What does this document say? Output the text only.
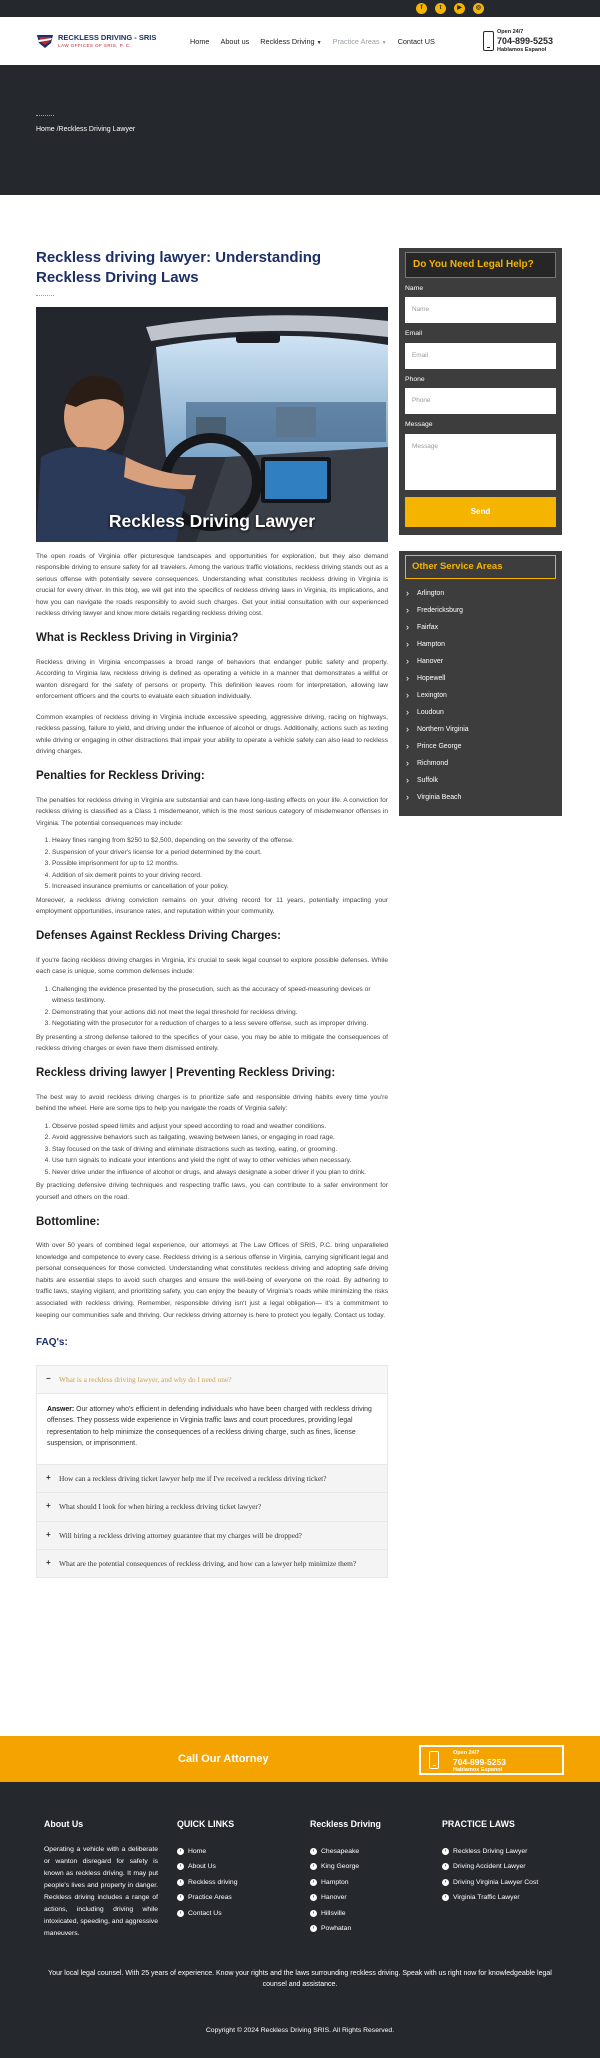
f	t	▶	◎
RECKLESS DRIVING - SRIS
LAW OFFICES OF SRIS, P. C.	Home About us Reckless Driving ▼ Practice Areas ▼ Contact US
Open 24/7
704-899-5253
Hablamos Espanol
Home /Reckless Driving Lawyer
Reckless driving lawyer: Understanding Reckless Driving Laws
Reckless Driving Lawyer

The open roads of Virginia offer picturesque landscapes and opportunities for exploration, but they also demand responsible driving to ensure safety for all travelers. Among the various traffic violations, reckless driving stands out as a serious offense with potentially severe consequences. Understanding what constitutes reckless driving in Virginia is crucial for every driver. In this blog, we will get into the specifics of reckless driving laws in Virginia, its implications, and how you can navigate the roads responsibly to avoid such charges. Get your initial consultation with our experienced reckless driving lawyer and know more details regarding reckless driving cost.

What is Reckless Driving in Virginia?

Reckless driving in Virginia encompasses a broad range of behaviors that endanger public safety and property. According to Virginia law, reckless driving is defined as operating a vehicle in a manner that demonstrates a willful or wanton disregard for the safety of persons or property. This definition leaves room for interpretation, allowing law enforcement officers and the courts to evaluate each situation individually.

Common examples of reckless driving in Virginia include excessive speeding, aggressive driving, racing on highways, reckless passing, failure to yield, and driving under the influence of alcohol or drugs. Additionally, actions such as texting while driving or engaging in other distractions that impair your ability to operate a vehicle safely can also lead to reckless driving charges.

Penalties for Reckless Driving:

The penalties for reckless driving in Virginia are substantial and can have long-lasting effects on your life. A conviction for reckless driving is classified as a Class 1 misdemeanor, which is the most serious category of misdemeanor offenses in Virginia. The potential consequences may include:

1. Heavy fines ranging from $250 to $2,500, depending on the severity of the offense.
2. Suspension of your driver's license for a period determined by the court.
3. Possible imprisonment for up to 12 months.
4. Addition of six demerit points to your driving record.
5. Increased insurance premiums or cancellation of your policy.

Moreover, a reckless driving conviction remains on your driving record for 11 years, potentially impacting your employment opportunities, insurance rates, and reputation within your community.

Defenses Against Reckless Driving Charges:

If you're facing reckless driving charges in Virginia, it's crucial to seek legal counsel to explore possible defenses. While each case is unique, some common defenses include:

1. Challenging the evidence presented by the prosecution, such as the accuracy of speed-measuring devices or witness testimony.
2. Demonstrating that your actions did not meet the legal threshold for reckless driving.
3. Negotiating with the prosecutor for a reduction of charges to a less severe offense, such as improper driving.

By presenting a strong defense tailored to the specifics of your case, you may be able to mitigate the consequences of reckless driving charges or even have them dismissed entirely.

Reckless driving lawyer | Preventing Reckless Driving:

The best way to avoid reckless driving charges is to prioritize safe and responsible driving habits every time you're behind the wheel. Here are some tips to help you navigate the roads of Virginia safely:

1. Observe posted speed limits and adjust your speed according to road and weather conditions.
2. Avoid aggressive behaviors such as tailgating, weaving between lanes, or engaging in road rage.
3. Stay focused on the task of driving and eliminate distractions such as texting, eating, or grooming.
4. Use turn signals to indicate your intentions and yield the right of way to other vehicles when necessary.
5. Never drive under the influence of alcohol or drugs, and always designate a sober driver if you plan to drink.

By practicing defensive driving techniques and respecting traffic laws, you can contribute to a safer environment for yourself and others on the road.

Bottomline:

With over 50 years of combined legal experience, our attorneys at The Law Offices of SRIS, P.C. bring unparalleled knowledge and competence to every case. Reckless driving is a serious offense in Virginia, carrying significant legal and personal consequences for those convicted. Understanding what constitutes reckless driving and adopting safe driving habits are essential steps to avoid such charges and ensure the well-being of everyone on the road. By adhering to traffic laws, staying vigilant, and prioritizing safety, you can enjoy the beauty of Virginia's roads while minimizing the risks associated with reckless driving. Remember, responsible driving isn't just a legal obligation— it's a commitment to keeping our communities safe and thriving. Our reckless driving attorney is here to protect you legally. Contact us today.

FAQ's:
− What is a reckless driving lawyer, and why do I need one?
Answer: Our attorney who's efficient in defending individuals who have been charged with reckless driving offenses. They possess wide experience in Virginia traffic laws and court procedures, providing legal representation to help minimize the consequences of a reckless driving charge, such as fines, license suspension, or imprisonment.
+ How can a reckless driving ticket lawyer help me if I've received a reckless driving ticket?
+ What should I look for when hiring a reckless driving ticket lawyer?
+ Will hiring a reckless driving attorney guarantee that my charges will be dropped?
+ What are the potential consequences of reckless driving, and how can a lawyer help minimize them?
Do You Need Legal Help?
Name
Name
Email
Email
Phone
Phone
Message
Message
Send
Other Service Areas
› Arlington
› Fredericksburg
› Fairfax
› Hampton
› Hanover
› Hopewell
› Lexington
› Loudoun
› Northern Virginia
› Prince George
› Richmond
› Suffolk
› Virginia Beach
Call Our Attorney	Open 24/7
704-899-5253
Hablamos Espanol
About Us

Operating a vehicle with a deliberate or wanton disregard for safety is known as reckless driving. It may put people's lives and property in danger. Reckless driving includes a range of actions, including driving while intoxicated, speeding, and aggressive maneuvers.

QUICK LINKS
› Home
› About Us
› Reckless driving
› Practice Areas
› Contact Us
Reckless Driving
› Chesapeake
› King George
› Hampton
› Hanover
› Hillsville
› Powhatan
PRACTICE LAWS
› Reckless Driving Lawyer
› Driving Accident Lawyer
› Driving Virginia Lawyer Cost
› Virginia Traffic Lawyer
Your local legal counsel. With 25 years of experience. Know your rights and the laws surrounding reckless driving. Speak with us right now for knowledgeable legal counsel and assistance.
Copyright © 2024 Reckless Driving SRIS. All Rights Reserved.
